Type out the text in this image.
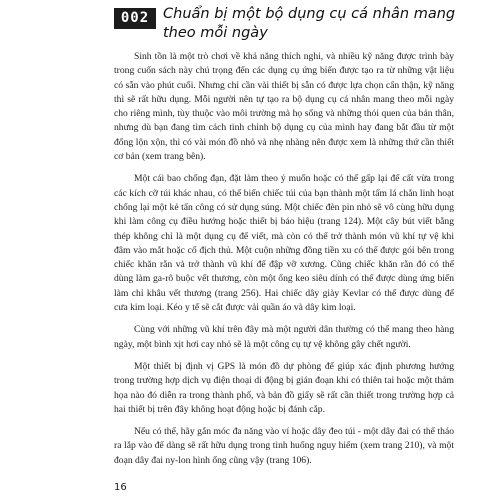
002 Chuẩn bị một bộ dụng cụ cá nhân mang theo mỗi ngày

Sinh tồn là một trò chơi về khả năng thích nghi, và nhiều kỹ năng được trình bày trong cuốn sách này chú trọng đến các dụng cụ ứng biến được tạo ra từ những vật liệu có sẵn vào phút cuối. Nhưng chỉ cần vài thiết bị sẵn có được lựa chọn cẩn thận, kỹ năng thì sẽ rất hữu dụng. Mỗi người nên tự tạo ra bộ dụng cụ cá nhân mang theo mỗi ngày cho riêng mình, tùy thuộc vào môi trường mà họ sống và những thói quen của bản thân, nhưng dù bạn đang tìm cách tinh chỉnh bộ dụng cụ của mình hay đang bắt đầu từ một đống lộn xộn, thì có vài món đồ nhỏ và nhẹ nhàng nên được xem là những thứ cần thiết cơ bản (xem trang bên).

Một cái bao chống đạn, đặt làm theo ý muốn hoặc có thể gấp lại để cất vừa trong các kích cỡ túi khác nhau, có thể biến chiếc túi của bạn thành một tấm lá chắn linh hoạt chống lại một kẻ tấn công có sử dụng súng. Một chiếc đèn pin nhỏ sẽ vô cùng hữu dụng khi làm công cụ điều hướng hoặc thiết bị báo hiệu (trang 124). Một cây bút viết bằng thép không chỉ là một dụng cụ để viết, mà còn có thể trở thành món vũ khí tự vệ khi đâm vào mắt hoặc cổ địch thủ. Một cuộn những đồng tiền xu có thể được gói bên trong chiếc khăn rằn và trở thành vũ khí để đập vỡ xương. Cũng chiếc khăn rằn đó có thể dùng làm ga-rô buộc vết thương, còn một ống keo siêu dính có thể được dùng ứng biến làm chỉ khâu vết thương (trang 256). Hai chiếc dây giày Kevlar có thể được dùng để cưa kim loại. Kéo y tế sẽ cắt được vải quần áo và dây kim loại.

Cùng với những vũ khí trên đây mà một người dân thường có thể mang theo hàng ngày, một bình xịt hơi cay nhỏ sẽ là một công cụ tự vệ không gây chết người.

Một thiết bị định vị GPS là món đồ dự phòng để giúp xác định phương hướng trong trường hợp dịch vụ điện thoại di động bị gián đoạn khi có thiên tai hoặc một thảm họa nào đó diễn ra trong thành phố, và bản đồ giấy sẽ rất cần thiết trong trường hợp cả hai thiết bị trên đây không hoạt động hoặc bị đánh cắp.

Nếu có thể, hãy gắn móc đa năng vào ví hoặc dây đeo túi - một dây đai có thể tháo ra lắp vào để dàng sẽ rất hữu dụng trong tình huống nguy hiểm (xem trang 210), và một đoạn dây đai ny-lon hình ống cũng vậy (trang 106).

16
